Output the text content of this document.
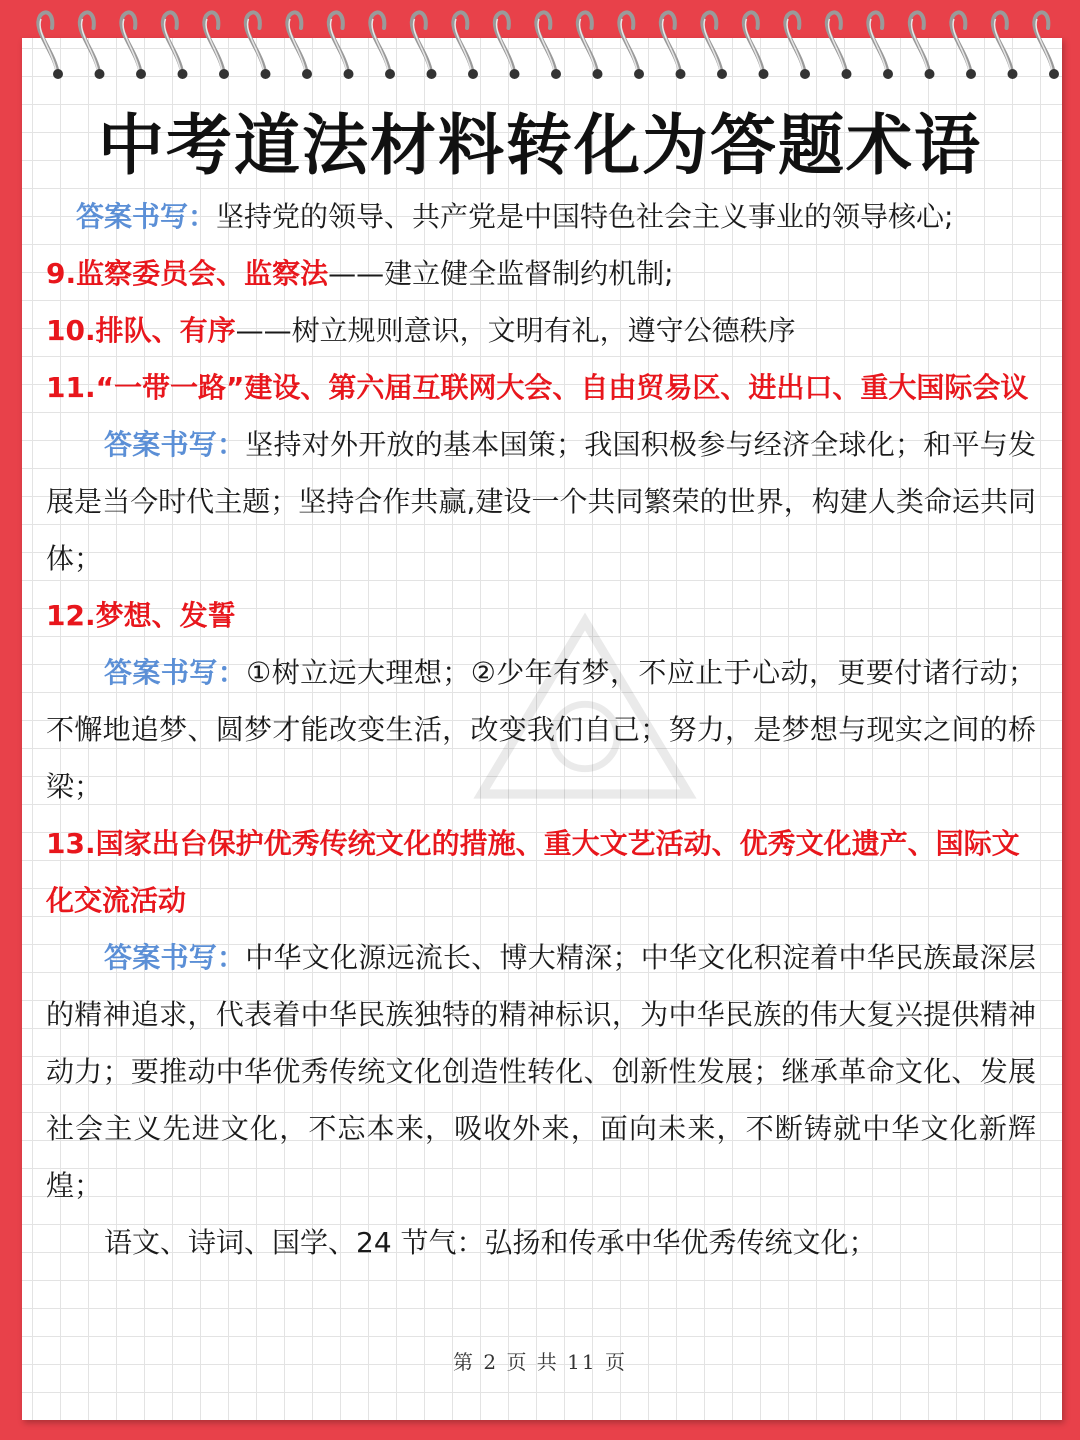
中考道法材料转化为答题术语
答案书写：坚持党的领导、共产党是中国特色社会主义事业的领导核心;
9.监察委员会、监察法——建立健全监督制约机制;
10.排队、有序——树立规则意识，文明有礼，遵守公德秩序
11.“一带一路”建设、第六届互联网大会、自由贸易区、进出口、重大国际会议
答案书写：坚持对外开放的基本国策；我国积极参与经济全球化；和平与发展是当今时代主题；坚持合作共赢,建设一个共同繁荣的世界，构建人类命运共同体；
12.梦想、发誓
答案书写：①树立远大理想；②少年有梦，不应止于心动，更要付诸行动；不懈地追梦、圆梦才能改变生活，改变我们自己；努力，是梦想与现实之间的桥梁；
13.国家出台保护优秀传统文化的措施、重大文艺活动、优秀文化遗产、国际文化交流活动
答案书写：中华文化源远流长、博大精深；中华文化积淀着中华民族最深层的精神追求，代表着中华民族独特的精神标识，为中华民族的伟大复兴提供精神动力；要推动中华优秀传统文化创造性转化、创新性发展；继承革命文化、发展社会主义先进文化，不忘本来，吸收外来，面向未来，不断铸就中华文化新辉煌；
语文、诗词、国学、24 节气：弘扬和传承中华优秀传统文化；
第 2 页 共 11 页
